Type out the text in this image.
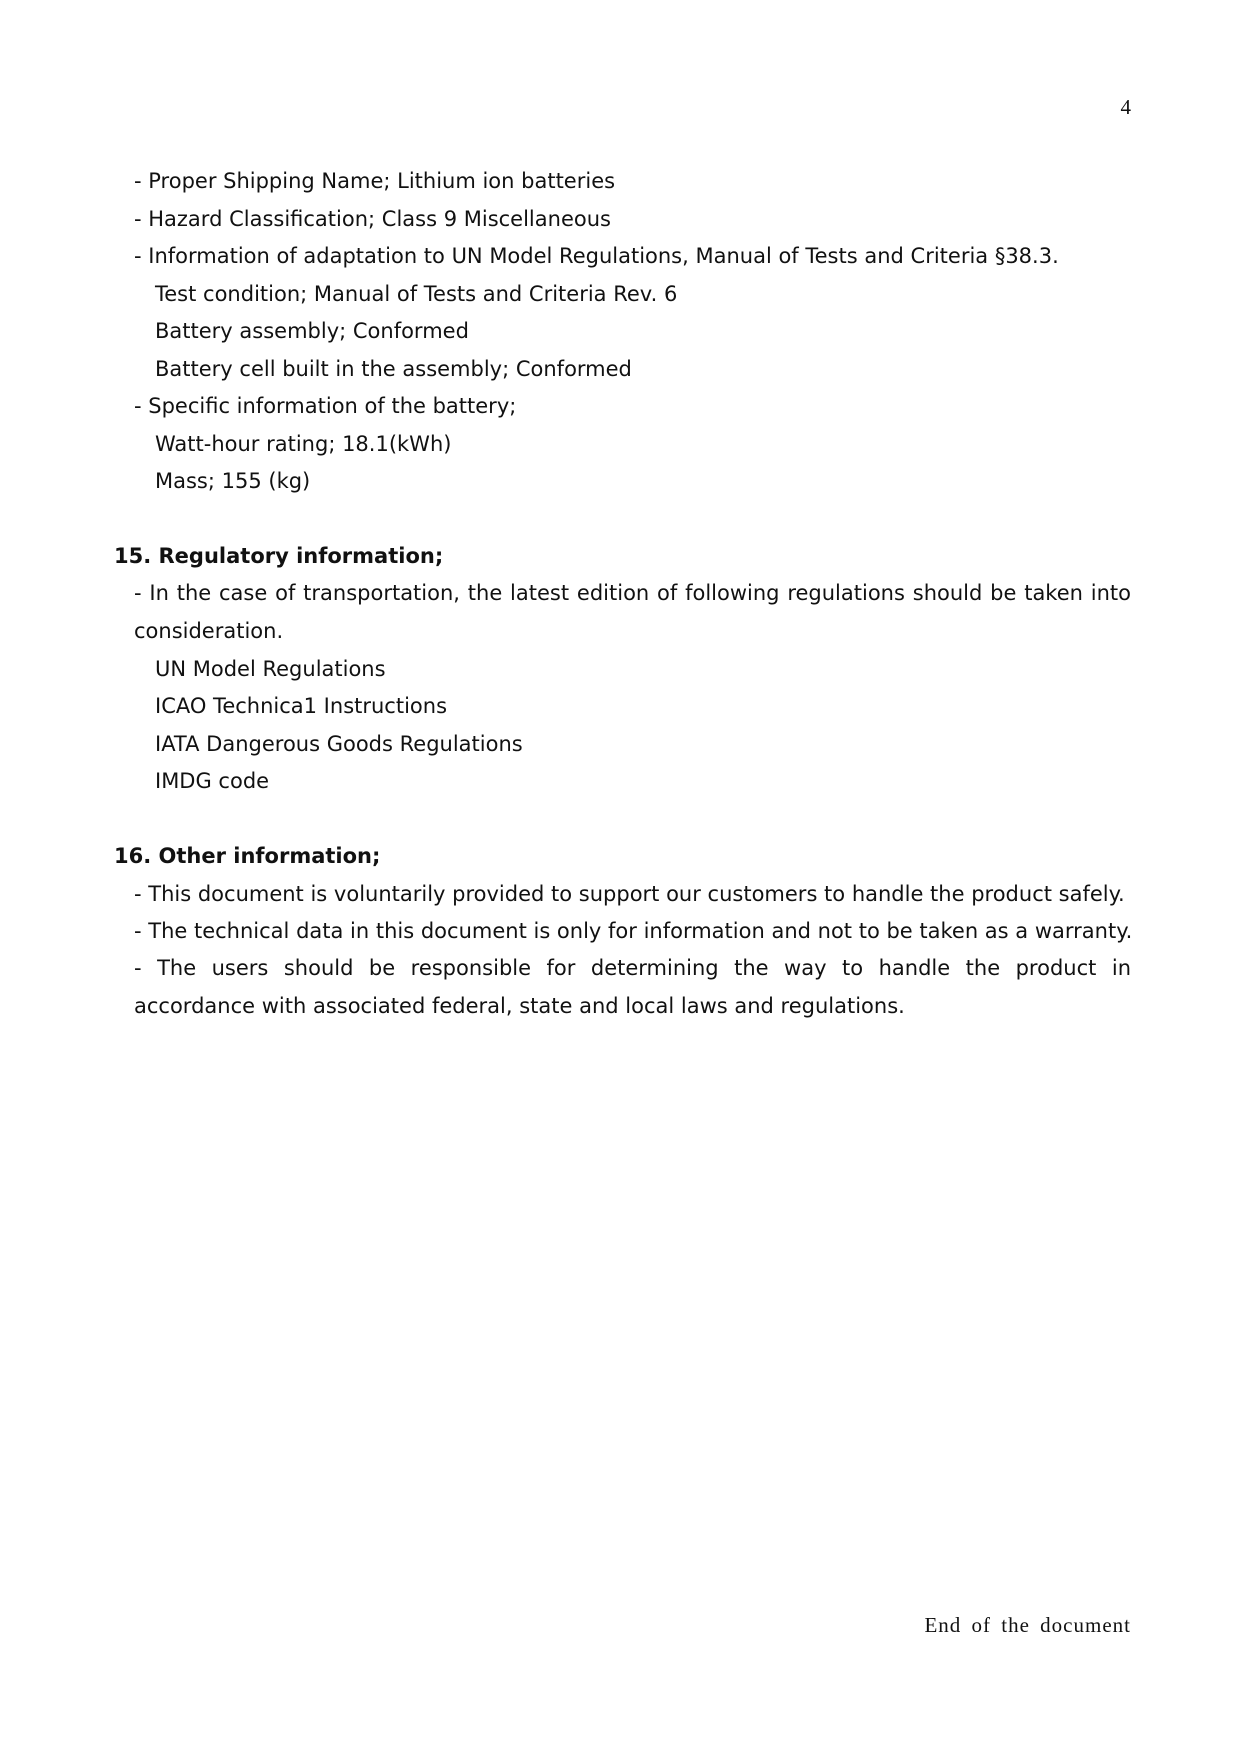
4
- Proper Shipping Name; Lithium ion batteries
- Hazard Classification; Class 9 Miscellaneous
- Information of adaptation to UN Model Regulations, Manual of Tests and Criteria §38.3.
Test condition; Manual of Tests and Criteria Rev. 6
Battery assembly; Conformed
Battery cell built in the assembly; Conformed
- Specific information of the battery;
Watt-hour rating; 18.1(kWh)
Mass; 155 (kg)
15. Regulatory information;
- In the case of transportation, the latest edition of following regulations should be taken into consideration.
UN Model Regulations
ICAO Technica1 Instructions
IATA Dangerous Goods Regulations
IMDG code
16. Other information;
- This document is voluntarily provided to support our customers to handle the product safely.
- The technical data in this document is only for information and not to be taken as a warranty.
- The users should be responsible for determining the way to handle the product in accordance with associated federal, state and local laws and regulations.
End of the document
